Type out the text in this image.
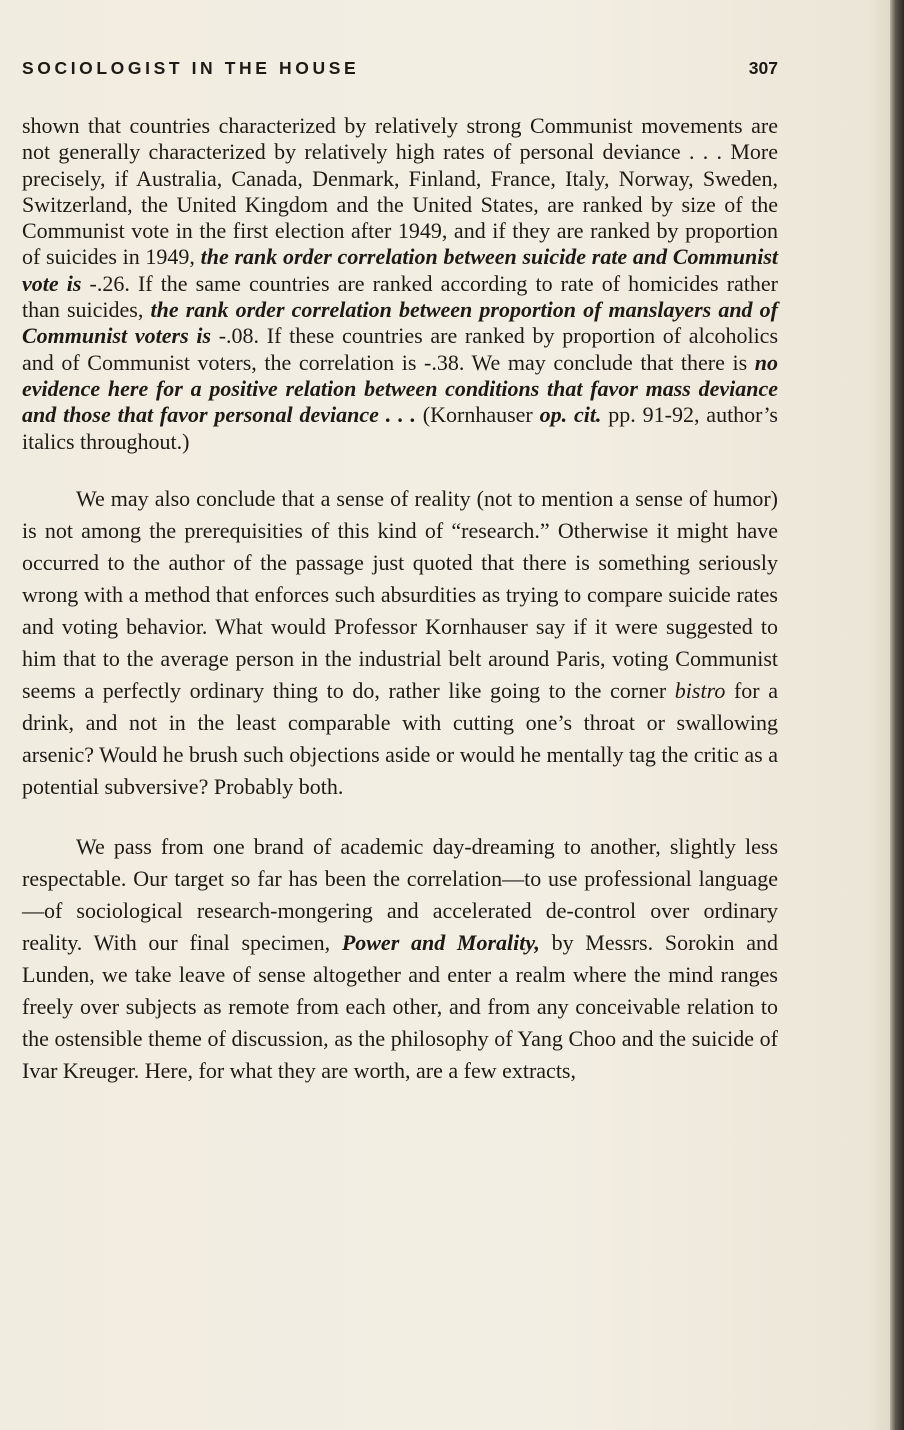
SOCIOLOGIST IN THE HOUSE	307

shown that countries characterized by relatively strong Communist movements are not generally characterized by relatively high rates of personal deviance . . . More precisely, if Australia, Canada, Denmark, Finland, France, Italy, Norway, Sweden, Switzerland, the United Kingdom and the United States, are ranked by size of the Communist vote in the first election after 1949, and if they are ranked by proportion of suicides in 1949, the rank order correlation between suicide rate and Communist vote is -.26. If the same countries are ranked according to rate of homicides rather than suicides, the rank order correlation between proportion of manslayers and of Communist voters is -.08. If these countries are ranked by proportion of alcoholics and of Communist voters, the correlation is -.38. We may conclude that there is no evidence here for a positive relation between conditions that favor mass deviance and those that favor personal deviance . . . (Kornhauser op. cit. pp. 91-92, author’s italics throughout.)

We may also conclude that a sense of reality (not to mention a sense of humor) is not among the prerequisities of this kind of “research.” Otherwise it might have occurred to the author of the passage just quoted that there is something seriously wrong with a method that enforces such absurdities as trying to compare suicide rates and voting behavior. What would Professor Kornhauser say if it were suggested to him that to the average person in the industrial belt around Paris, voting Communist seems a perfectly ordinary thing to do, rather like going to the corner bistro for a drink, and not in the least comparable with cutting one’s throat or swallowing arsenic? Would he brush such objections aside or would he mentally tag the critic as a potential subversive? Probably both.

We pass from one brand of academic day-dreaming to another, slightly less respectable. Our target so far has been the correlation—to use professional language—of sociological research-mongering and accelerated de-control over ordinary reality. With our final specimen, Power and Morality, by Messrs. Sorokin and Lunden, we take leave of sense altogether and enter a realm where the mind ranges freely over subjects as remote from each other, and from any conceivable relation to the ostensible theme of discussion, as the philosophy of Yang Choo and the suicide of Ivar Kreuger. Here, for what they are worth, are a few extracts,
